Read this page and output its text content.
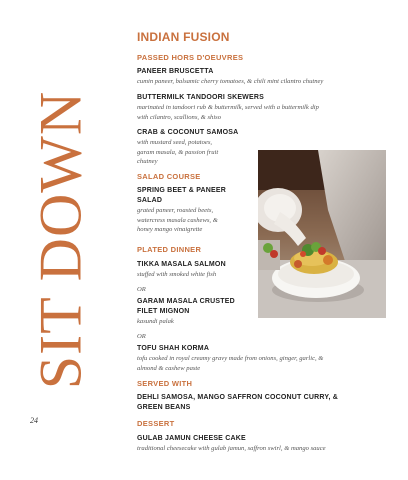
SIT DOWN
24
INDIAN FUSION
PASSED HORS D'OEUVRES
PANEER BRUSCETTA
cumin paneer, balsamic cherry tomatoes, & chili mint cilantro chutney
BUTTERMILK TANDOORI SKEWERS
marinated in tandoori rub & buttermilk, served with a buttermilk dip
with cilantro, scallions, & shiso
CRAB & COCONUT SAMOSA
with mustard seed, potatoes,
garam masala, & passion fruit
chutney
SALAD COURSE
SPRING BEET & PANEER
SALAD
grated paneer, roasted beets,
watercress masala cashews, &
honey mango vinaigrette
PLATED DINNER
TIKKA MASALA SALMON
stuffed with smoked white fish
OR
GARAM MASALA CRUSTED
FILET MIGNON
kasundi palak
OR
TOFU SHAH KORMA
tofu cooked in royal creamy gravy made from onions, ginger, garlic, &
almond & cashew paste
SERVED WITH
DEHLI SAMOSA, MANGO SAFFRON COCONUT CURRY, &
GREEN BEANS
DESSERT
GULAB JAMUN CHEESE CAKE
traditional cheesecake with gulab jamun, saffron swirl, & mango sauce
